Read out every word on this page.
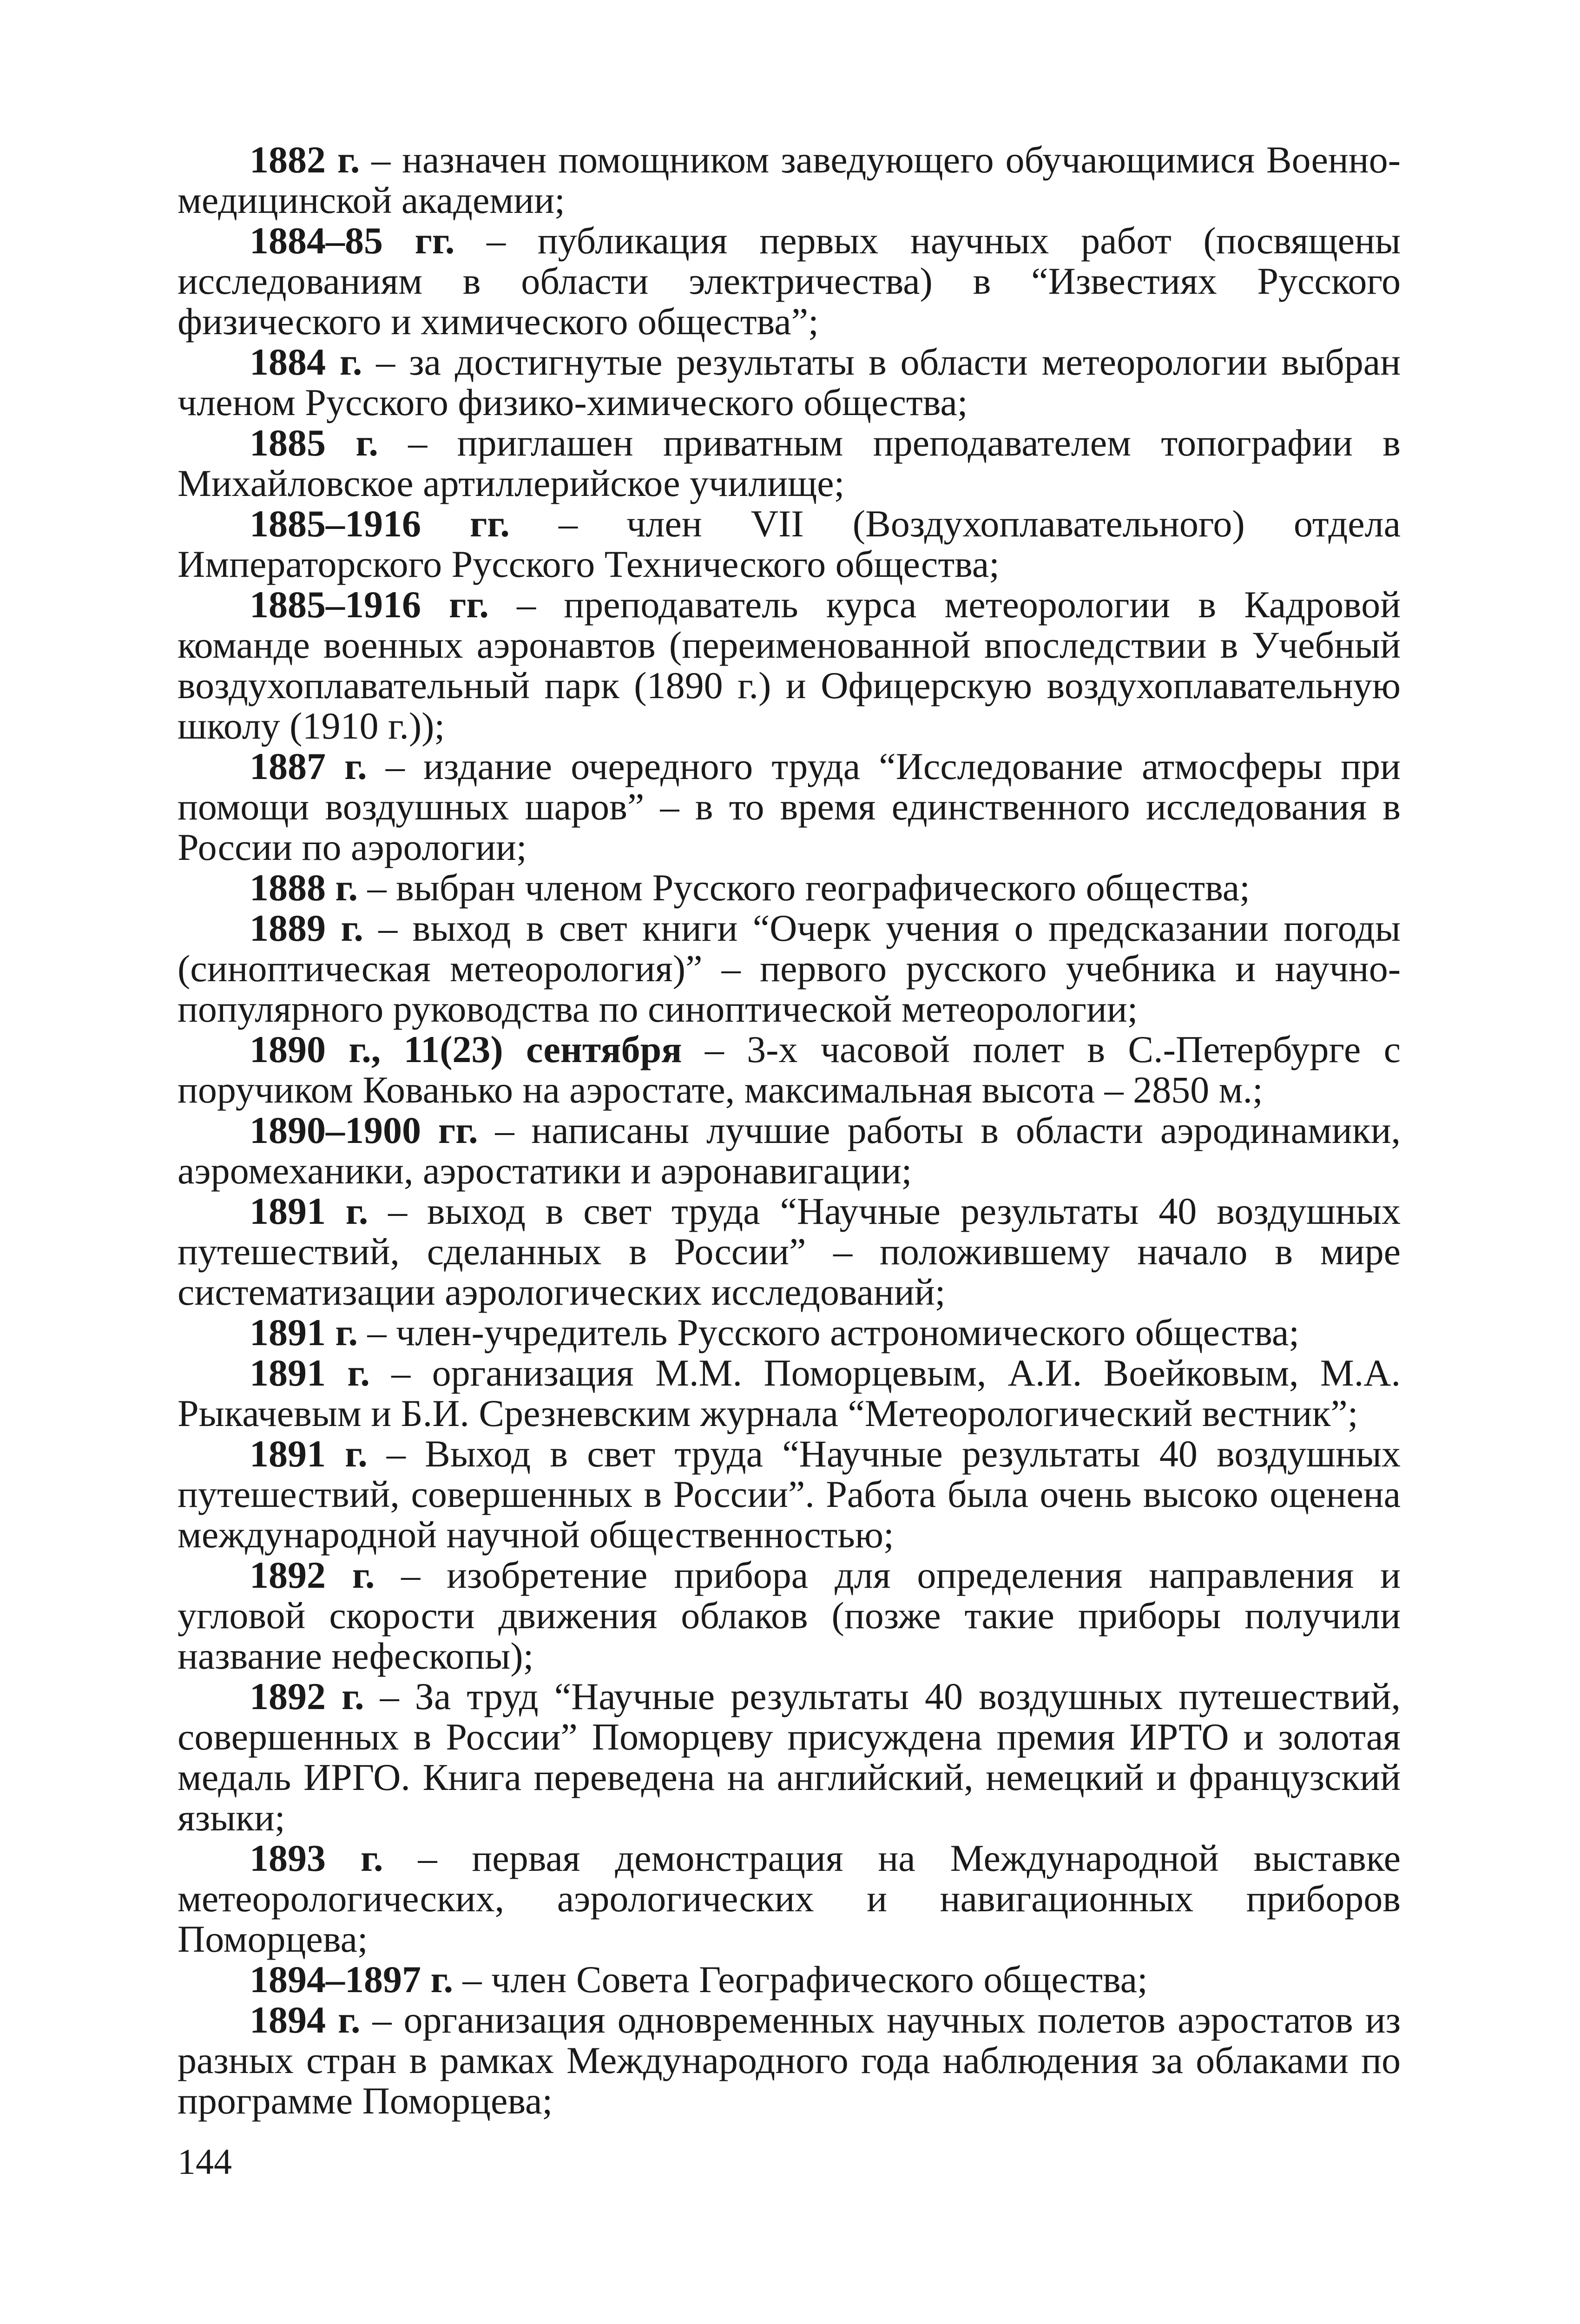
1882 г. – назначен помощником заведующего обучающимися Военно-медицинской академии;

1884–85 гг. – публикация первых научных работ (посвящены исследованиям в области электричества) в “Известиях Русского физического и химического общества”;

1884 г. – за достигнутые результаты в области метеорологии выбран членом Русского физико-химического общества;

1885 г. – приглашен приватным преподавателем топографии в Михайловское артиллерийское училище;

1885–1916 гг. – член VII (Воздухоплавательного) отдела Императорского Русского Технического общества;

1885–1916 гг. – преподаватель курса метеорологии в Кадровой команде военных аэронавтов (переименованной впоследствии в Учебный воздухоплавательный парк (1890 г.) и Офицерскую воздухоплавательную школу (1910 г.));

1887 г. – издание очередного труда “Исследование атмосферы при помощи воздушных шаров” – в то время единственного исследования в России по аэрологии;

1888 г. – выбран членом Русского географического общества;

1889 г. – выход в свет книги “Очерк учения о предсказании погоды (синоптическая метеорология)” – первого русского учебника и научно-популярного руководства по синоптической метеорологии;

1890 г., 11(23) сентября – 3-х часовой полет в С.-Петербурге с поручиком Кованько на аэростате, максимальная высота – 2850 м.;

1890–1900 гг. – написаны лучшие работы в области аэродинамики, аэромеханики, аэростатики и аэронавигации;

1891 г. – выход в свет труда “Научные результаты 40 воздушных путешествий, сделанных в России” – положившему начало в мире систематизации аэрологических исследований;

1891 г. – член-учредитель Русского астрономического общества;

1891 г. – организация М.М. Поморцевым, А.И. Воейковым, М.А. Рыкачевым и Б.И. Срезневским журнала “Метеорологический вестник”;

1891 г. – Выход в свет труда “Научные результаты 40 воздушных путешествий, совершенных в России”. Работа была очень высоко оценена международной научной общественностью;

1892 г. – изобретение прибора для определения направления и угловой скорости движения облаков (позже такие приборы получили название нефескопы);

1892 г. – За труд “Научные результаты 40 воздушных путешествий, совершенных в России” Поморцеву присуждена премия ИРТО и золотая медаль ИРГО. Книга переведена на английский, немецкий и французский языки;

1893 г. – первая демонстрация на Международной выставке метеорологических, аэрологических и навигационных приборов Поморцева;

1894–1897 г. – член Совета Географического общества;

1894 г. – организация одновременных научных полетов аэростатов из разных стран в рамках Международного года наблюдения за облаками по программе Поморцева;

144
